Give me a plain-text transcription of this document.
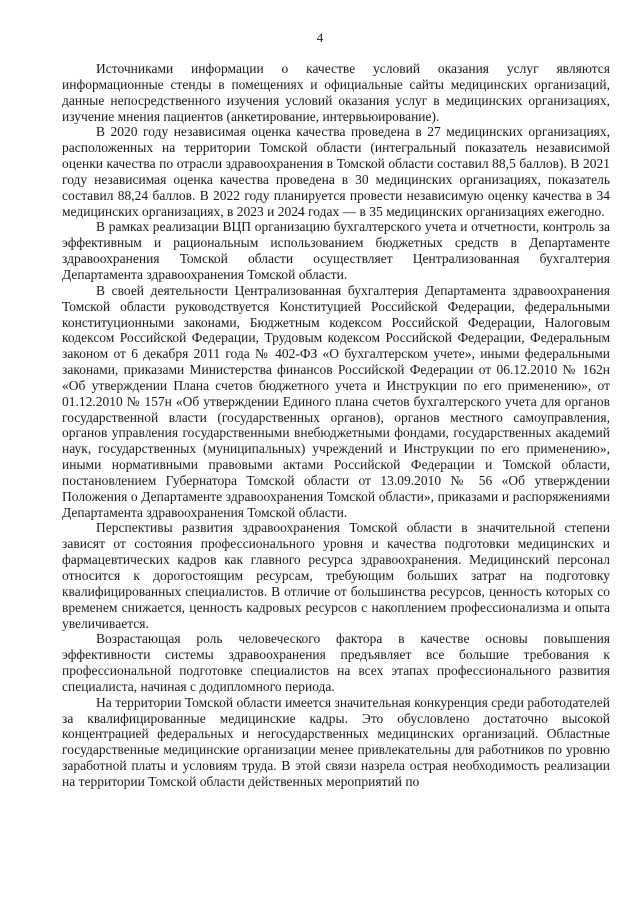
4

Источниками информации о качестве условий оказания услуг являются информационные стенды в помещениях и официальные сайты медицинских организаций, данные непосредственного изучения условий оказания услуг в медицинских организациях, изучение мнения пациентов (анкетирование, интервьюирование).

В 2020 году независимая оценка качества проведена в 27 медицинских организациях, расположенных на территории Томской области (интегральный показатель независимой оценки качества по отрасли здравоохранения в Томской области составил 88,5 баллов). В 2021 году независимая оценка качества проведена в 30 медицинских организациях, показатель составил 88,24 баллов. В 2022 году планируется провести независимую оценку качества в 34 медицинских организациях, в 2023 и 2024 годах — в 35 медицинских организациях ежегодно.

В рамках реализации ВЦП организацию бухгалтерского учета и отчетности, контроль за эффективным и рациональным использованием бюджетных средств в Департаменте здравоохранения Томской области осуществляет Централизованная бухгалтерия Департамента здравоохранения Томской области.

В своей деятельности Централизованная бухгалтерия Департамента здравоохранения Томской области руководствуется Конституцией Российской Федерации, федеральными конституционными законами, Бюджетным кодексом Российской Федерации, Налоговым кодексом Российской Федерации, Трудовым кодексом Российской Федерации, Федеральным законом от 6 декабря 2011 года № 402-ФЗ «О бухгалтерском учете», иными федеральными законами, приказами Министерства финансов Российской Федерации от 06.12.2010 № 162н «Об утверждении Плана счетов бюджетного учета и Инструкции по его применению», от 01.12.2010 № 157н «Об утверждении Единого плана счетов бухгалтерского учета для органов государственной власти (государственных органов), органов местного самоуправления, органов управления государственными внебюджетными фондами, государственных академий наук, государственных (муниципальных) учреждений и Инструкции по его применению», иными нормативными правовыми актами Российской Федерации и Томской области, постановлением Губернатора Томской области от 13.09.2010 № 56 «Об утверждении Положения о Департаменте здравоохранения Томской области», приказами и распоряжениями Департамента здравоохранения Томской области.

Перспективы развития здравоохранения Томской области в значительной степени зависят от состояния профессионального уровня и качества подготовки медицинских и фармацевтических кадров как главного ресурса здравоохранения. Медицинский персонал относится к дорогостоящим ресурсам, требующим больших затрат на подготовку квалифицированных специалистов. В отличие от большинства ресурсов, ценность которых со временем снижается, ценность кадровых ресурсов с накоплением профессионализма и опыта увеличивается.

Возрастающая роль человеческого фактора в качестве основы повышения эффективности системы здравоохранения предъявляет все большие требования к профессиональной подготовке специалистов на всех этапах профессионального развития специалиста, начиная с додипломного периода.

На территории Томской области имеется значительная конкуренция среди работодателей за квалифицированные медицинские кадры. Это обусловлено достаточно высокой концентрацией федеральных и негосударственных медицинских организаций. Областные государственные медицинские организации менее привлекательны для работников по уровню заработной платы и условиям труда. В этой связи назрела острая необходимость реализации на территории Томской области действенных мероприятий по
